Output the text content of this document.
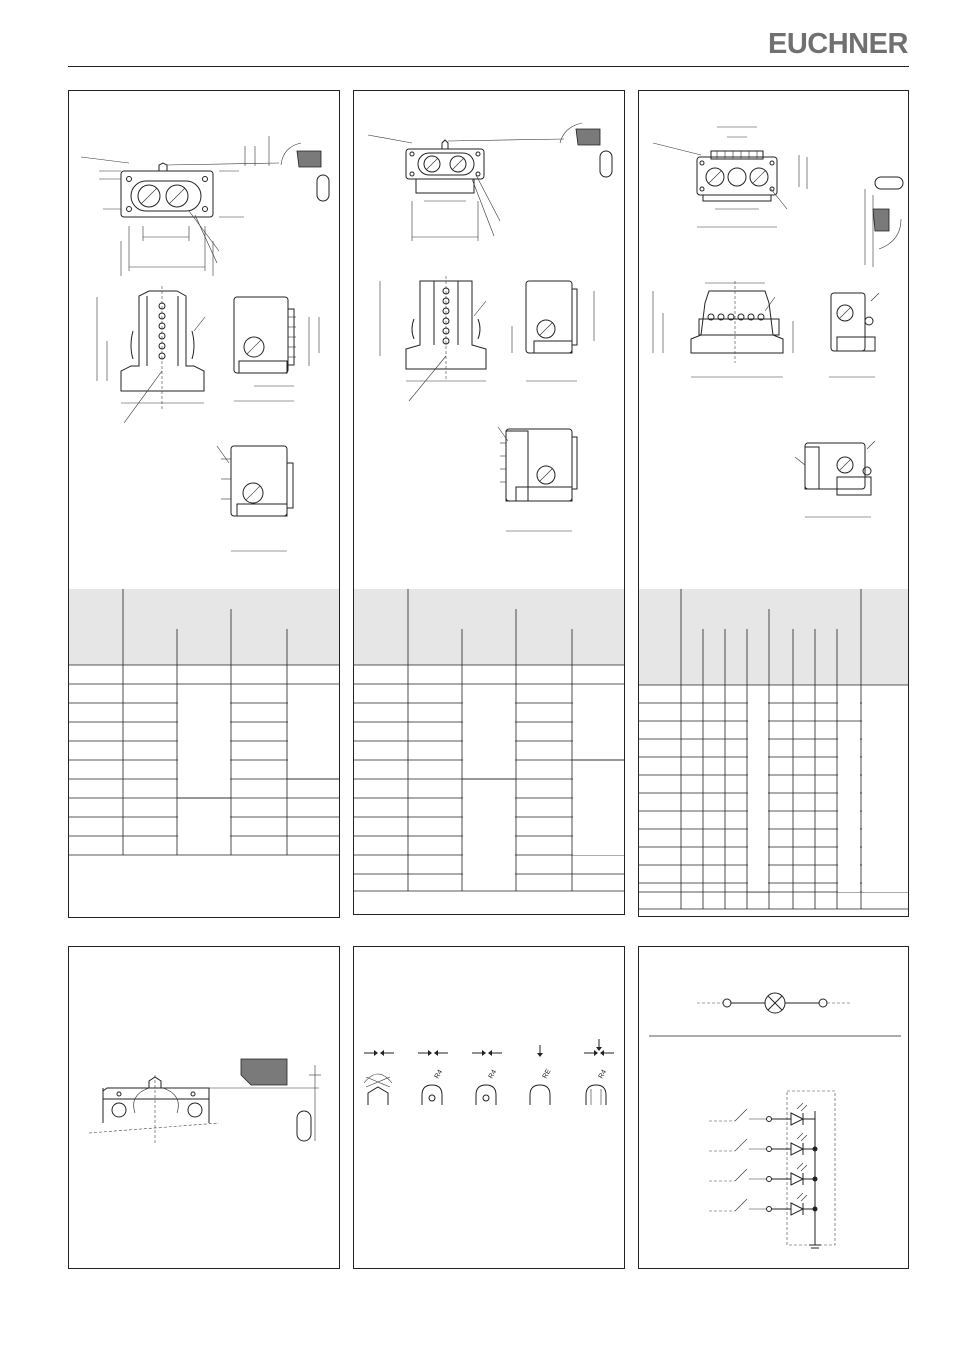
EUCHNER
R4	R4	RE	R4
